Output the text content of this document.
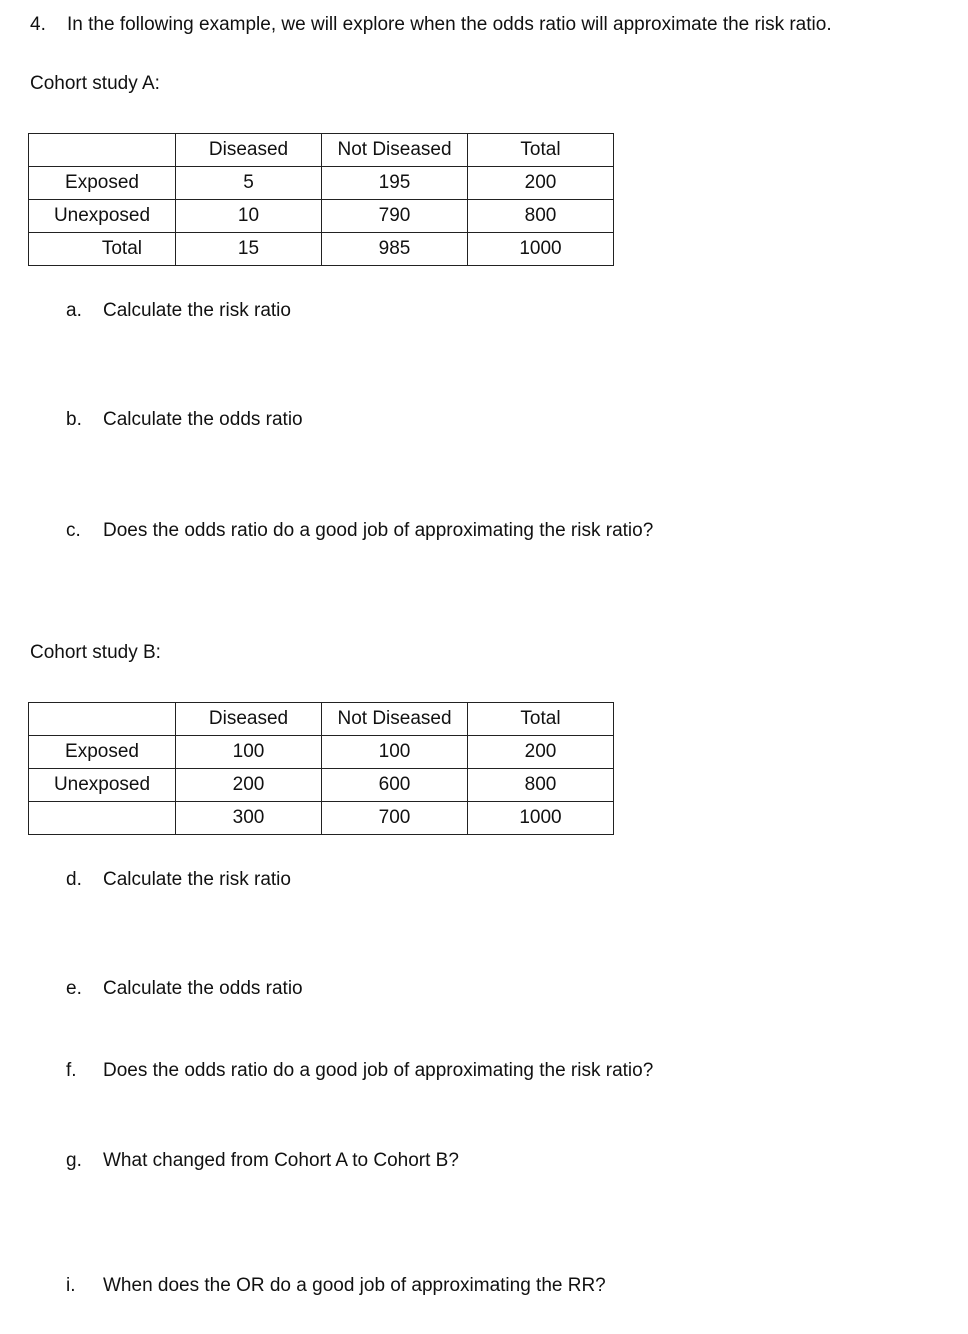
4. In the following example, we will explore when the odds ratio will approximate the risk ratio.
Cohort study A:
	Diseased	Not Diseased	Total
Exposed	5	195	200
Unexposed	10	790	800
Total	15	985	1000
a. Calculate the risk ratio
b. Calculate the odds ratio
c. Does the odds ratio do a good job of approximating the risk ratio?
Cohort study B:
	Diseased	Not Diseased	Total
Exposed	100	100	200
Unexposed	200	600	800
	300	700	1000
d. Calculate the risk ratio
e. Calculate the odds ratio
f. Does the odds ratio do a good job of approximating the risk ratio?
g. What changed from Cohort A to Cohort B?
i. When does the OR do a good job of approximating the RR?
